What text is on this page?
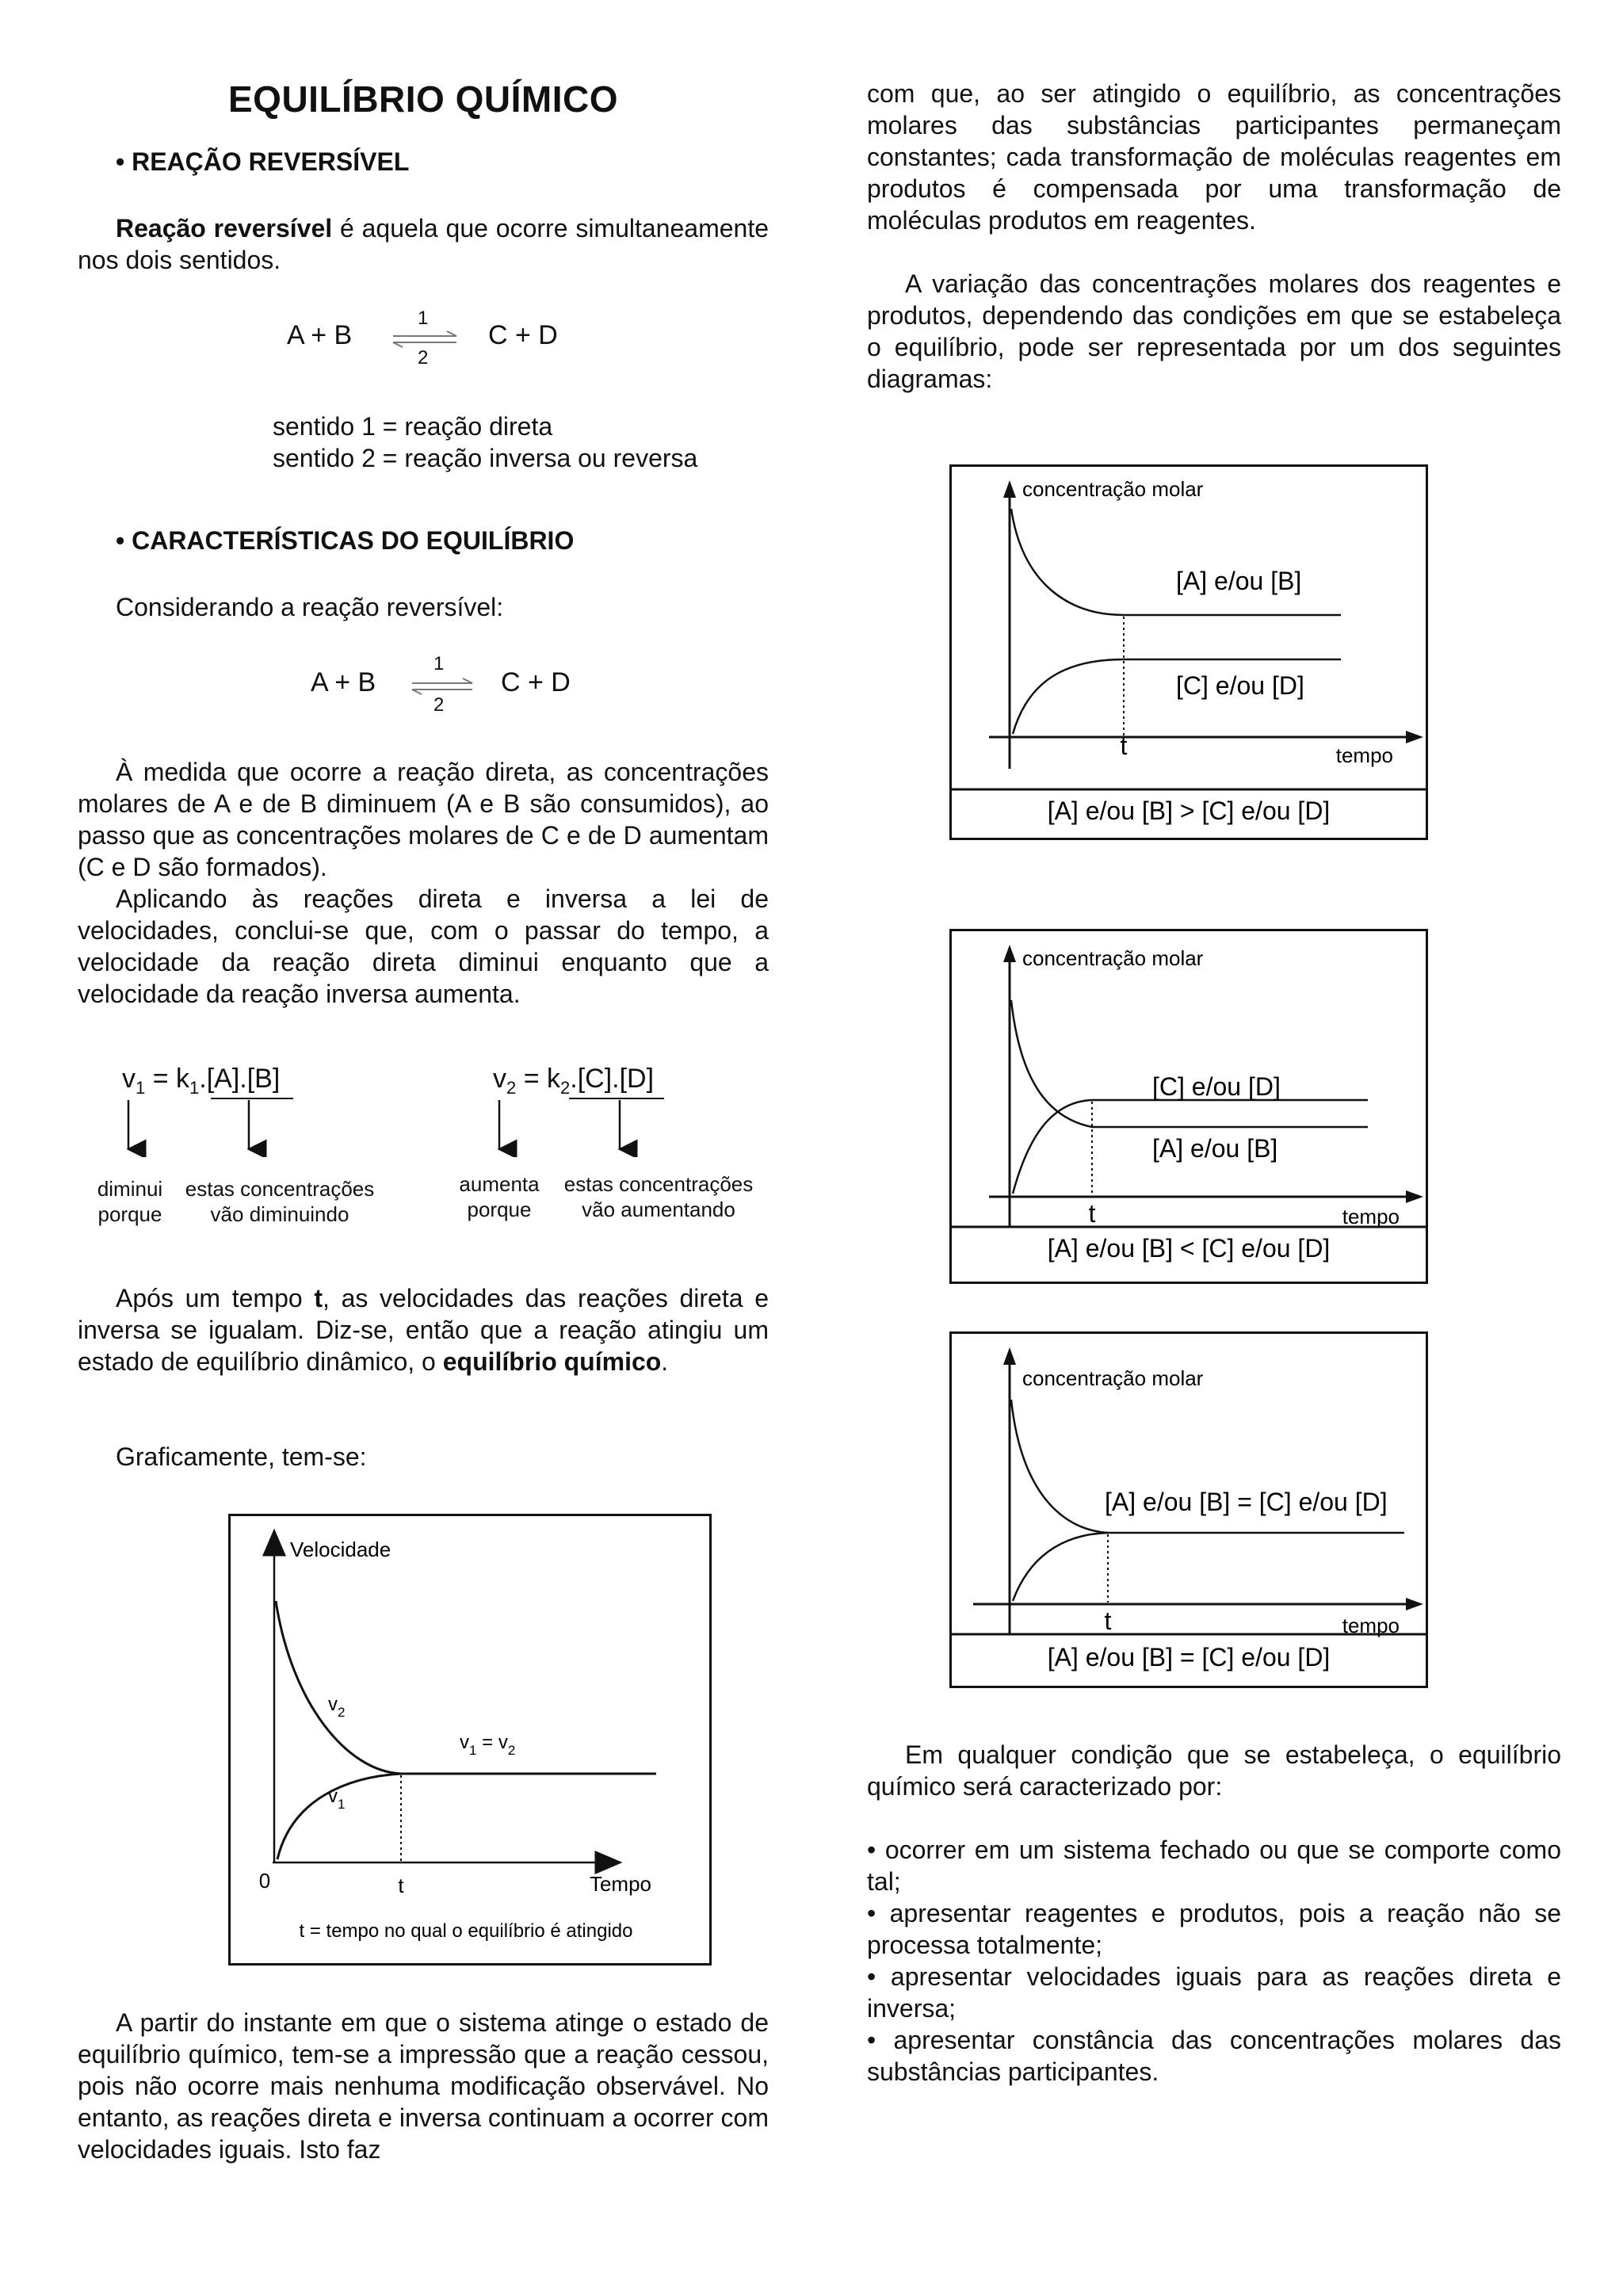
EQUILÍBRIO QUÍMICO
• REAÇÃO REVERSÍVEL
Reação reversível é aquela que ocorre simultaneamente nos dois sentidos.
A + B
1
2
⇌ C + D
sentido 1 = reação direta
sentido 2 = reação inversa ou reversa
• CARACTERÍSTICAS DO EQUILÍBRIO
Considerando a reação reversível:
A + B
1
2
⇌ C + D
À medida que ocorre a reação direta, as concentrações molares de A e de B diminuem (A e B são consumidos), ao passo que as concentrações molares de C e de D aumentam (C e D são formados).
Aplicando às reações direta e inversa a lei de velocidades, conclui-se que, com o passar do tempo, a velocidade da reação direta diminui enquanto que a velocidade da reação inversa aumenta.
$v_1 = k_1.[A].[B]$	$v_2 = k_2.[C].[D]$
diminui
porque
estas concentrações
vão diminuindo
aumenta
porque
estas concentrações
vão aumentando
Após um tempo t, as velocidades das reações direta e inversa se igualam. Diz-se, então que a reação atingiu um estado de equilíbrio dinâmico, o equilíbrio químico.
Graficamente, tem-se:
Velocidade
Tempo
0	t
$v_2$
$v_1$
$v_1 = v_2$
t = tempo no qual o equilíbrio é atingido
A partir do instante em que o sistema atinge o estado de equilíbrio químico, tem-se a impressão que a reação cessou, pois não ocorre mais nenhuma modificação observável. No entanto, as reações direta e inversa continuam a ocorrer com velocidades iguais. Isto faz
com que, ao ser atingido o equilíbrio, as concentrações molares das substâncias participantes permaneçam constantes; cada transformação de moléculas reagentes em produtos é compensada por uma transformação de moléculas produtos em reagentes.
A variação das concentrações molares dos reagentes e produtos, dependendo das condições em que se estabeleça o equilíbrio, pode ser representada por um dos seguintes diagramas:
concentração molar
tempo
t
[A] e/ou [B]
[C] e/ou [D]
[A] e/ou [B] > [C] e/ou [D]
concentração molar
tempo
t
[C] e/ou [D]
[A] e/ou [B]
[A] e/ou [B] < [C] e/ou [D]
concentração molar
tempo
t
[A] e/ou [B] = [C] e/ou [D]
[A] e/ou [B] = [C] e/ou [D]
Em qualquer condição que se estabeleça, o equilíbrio químico será caracterizado por:
• ocorrer em um sistema fechado ou que se comporte como tal;
• apresentar reagentes e produtos, pois a reação não se processa totalmente;
• apresentar velocidades iguais para as reações direta e inversa;
• apresentar constância das concentrações molares das substâncias participantes.
